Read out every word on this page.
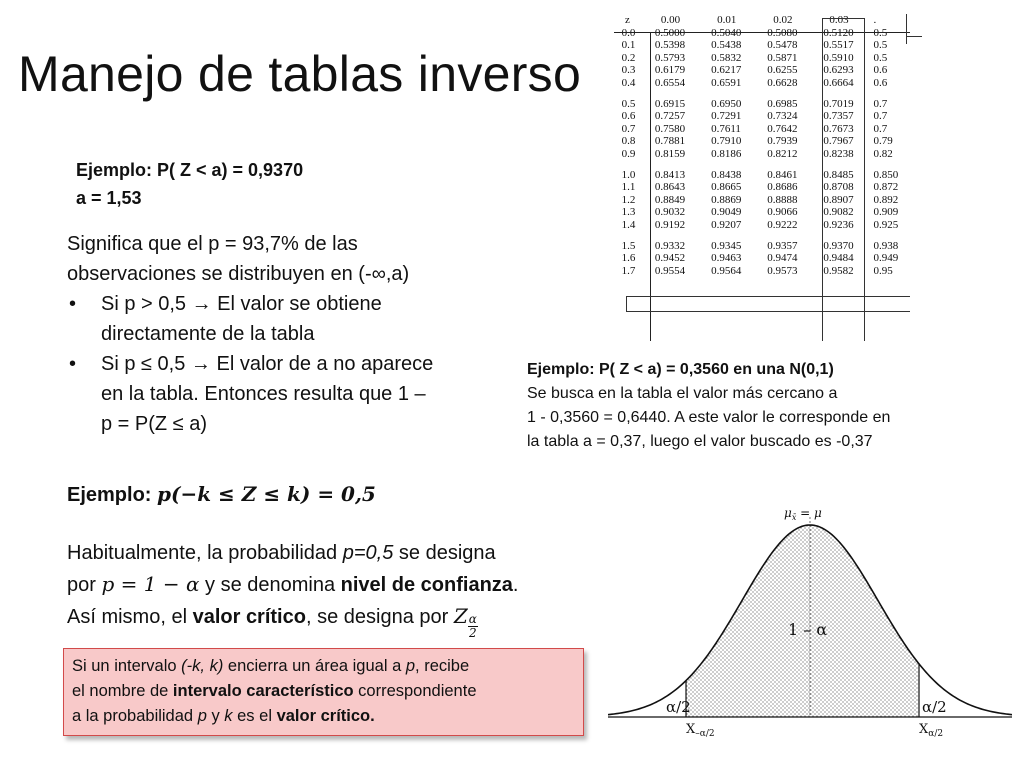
Manejo de tablas inverso
Ejemplo: P( Z < a) = 0,9370
a = 1,53
Significa que el p = 93,7% de las
observaciones se distribuyen en (-∞,a)
• Si p > 0,5 → El valor se obtiene
directamente de la tabla
• Si p ≤ 0,5 → El valor de a no aparece
en la tabla. Entonces resulta que 1 –
p = P(Z ≤ a)
Ejemplo: p(−k ≤ Z ≤ k) = 0,5
Habitualmente, la probabilidad p=0,5 se designa
por p = 1 − α y se denomina nivel de confianza.
Así mismo, el valor crítico, se designa por Z $\frac{\alpha}{2}$
Si un intervalo (-k, k) encierra un área igual a p, recibe
el nombre de intervalo característico correspondiente
a la probabilidad p y k es el valor crítico.
Ejemplo: P( Z < a) = 0,3560 en una N(0,1)
Se busca en la tabla el valor más cercano a
1 - 0,3560 = 0,6440. A este valor le corresponde en
la tabla a = 0,37, luego el valor buscado es -0,37
z	0.00	0.01	0.02	0.03	.
0.0	0.5000	0.5040	0.5080	0.5120	0.5
0.1	0.5398	0.5438	0.5478	0.5517	0.5
0.2	0.5793	0.5832	0.5871	0.5910	0.5
0.3	0.6179	0.6217	0.6255	0.6293	0.6
0.4	0.6554	0.6591	0.6628	0.6664	0.6

0.5	0.6915	0.6950	0.6985	0.7019	0.7
0.6	0.7257	0.7291	0.7324	0.7357	0.7
0.7	0.7580	0.7611	0.7642	0.7673	0.7
0.8	0.7881	0.7910	0.7939	0.7967	0.79
0.9	0.8159	0.8186	0.8212	0.8238	0.82

1.0	0.8413	0.8438	0.8461	0.8485	0.850
1.1	0.8643	0.8665	0.8686	0.8708	0.872
1.2	0.8849	0.8869	0.8888	0.8907	0.892
1.3	0.9032	0.9049	0.9066	0.9082	0.909
1.4	0.9192	0.9207	0.9222	0.9236	0.925

1.5	0.9332	0.9345	0.9357	0.9370	0.938
1.6	0.9452	0.9463	0.9474	0.9484	0.949
1.7	0.9554	0.9564	0.9573	0.9582	0.95
$\mu_{x̄} = \mu$
1 – α
α/2	α/2
$X_{-\alpha/2}$	$X_{\alpha/2}$
